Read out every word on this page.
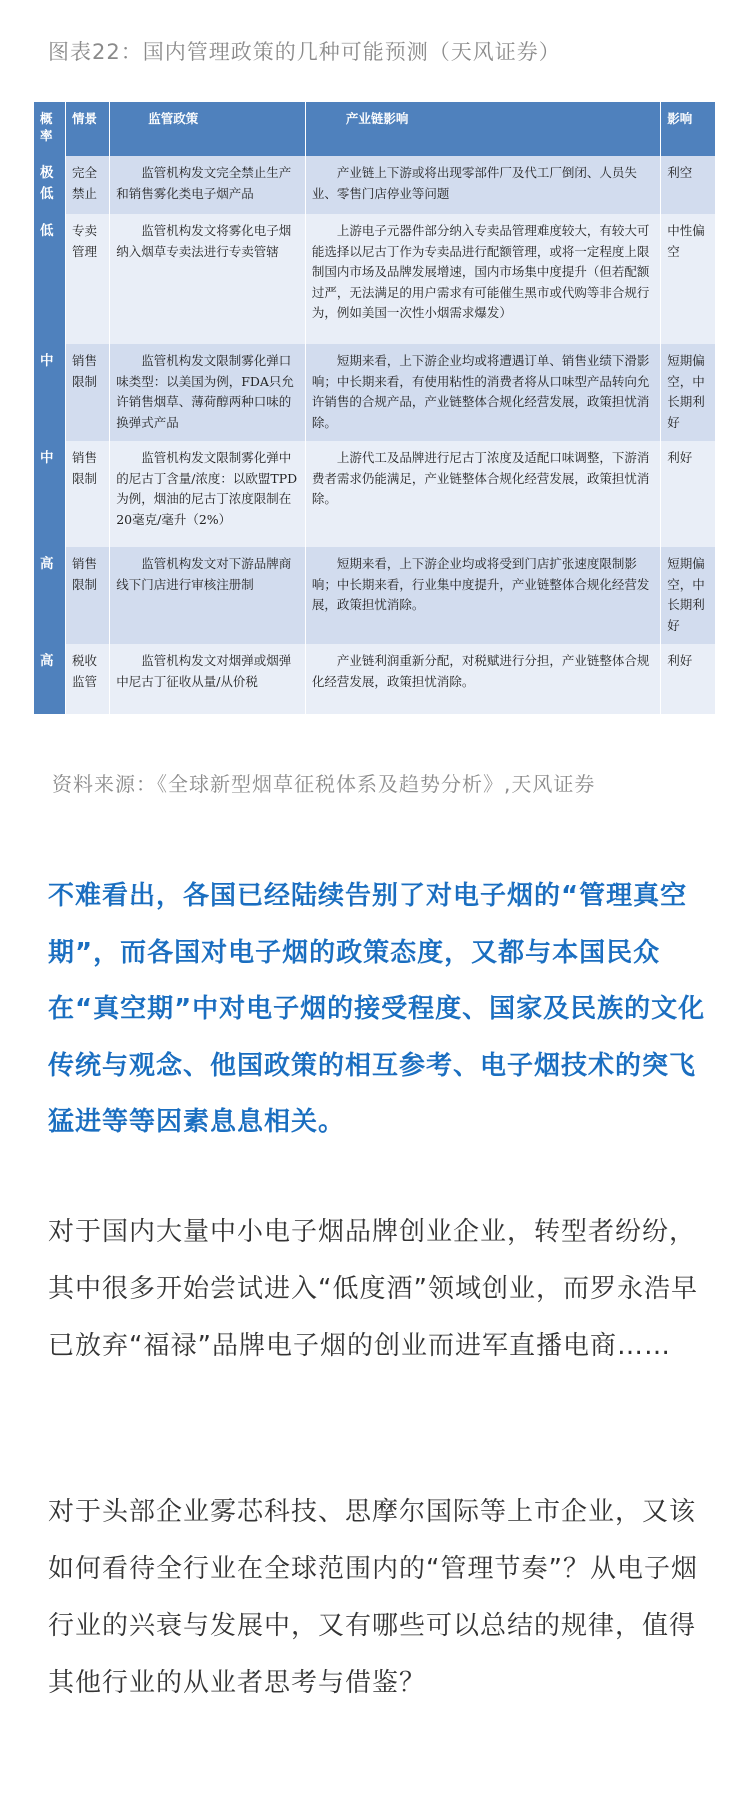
图表22：国内管理政策的几种可能预测（天风证券）
概率	情景	监管政策	产业链影响	影响
极低	完全禁止	监管机构发文完全禁止生产和销售雾化类电子烟产品	产业链上下游或将出现零部件厂及代工厂倒闭、人员失业、零售门店停业等问题	利空
低	专卖管理	监管机构发文将雾化电子烟纳入烟草专卖法进行专卖管辖	上游电子元器件部分纳入专卖品管理难度较大，有较大可能选择以尼古丁作为专卖品进行配额管理，或将一定程度上限制国内市场及品牌发展增速，国内市场集中度提升（但若配额过严，无法满足的用户需求有可能催生黑市或代购等非合规行为，例如美国一次性小烟需求爆发）	中性偏空
中	销售限制	监管机构发文限制雾化弹口味类型：以美国为例，FDA只允许销售烟草、薄荷醇两种口味的换弹式产品	短期来看，上下游企业均或将遭遇订单、销售业绩下滑影响；中长期来看，有使用粘性的消费者将从口味型产品转向允许销售的合规产品，产业链整体合规化经营发展，政策担忧消除。	短期偏空，中长期利好
中	销售限制	监管机构发文限制雾化弹中的尼古丁含量/浓度：以欧盟TPD为例，烟油的尼古丁浓度限制在20毫克/毫升（2%）	上游代工及品牌进行尼古丁浓度及适配口味调整，下游消费者需求仍能满足，产业链整体合规化经营发展，政策担忧消除。	利好
高	销售限制	监管机构发文对下游品牌商线下门店进行审核注册制	短期来看，上下游企业均或将受到门店扩张速度限制影响；中长期来看，行业集中度提升，产业链整体合规化经营发展，政策担忧消除。	短期偏空，中长期利好
高	税收监管	监管机构发文对烟弹或烟弹中尼古丁征收从量/从价税	产业链利润重新分配，对税赋进行分担，产业链整体合规化经营发展，政策担忧消除。	利好
资料来源：《全球新型烟草征税体系及趋势分析》,天风证券
不难看出，各国已经陆续告别了对电子烟的“管理真空期”，而各国对电子烟的政策态度，又都与本国民众在“真空期”中对电子烟的接受程度、国家及民族的文化传统与观念、他国政策的相互参考、电子烟技术的突飞猛进等等因素息息相关。
对于国内大量中小电子烟品牌创业企业，转型者纷纷，其中很多开始尝试进入“低度酒”领域创业，而罗永浩早已放弃“福禄”品牌电子烟的创业而进军直播电商……
对于头部企业雾芯科技、思摩尔国际等上市企业，又该如何看待全行业在全球范围内的“管理节奏”？从电子烟行业的兴衰与发展中，又有哪些可以总结的规律，值得其他行业的从业者思考与借鉴？
